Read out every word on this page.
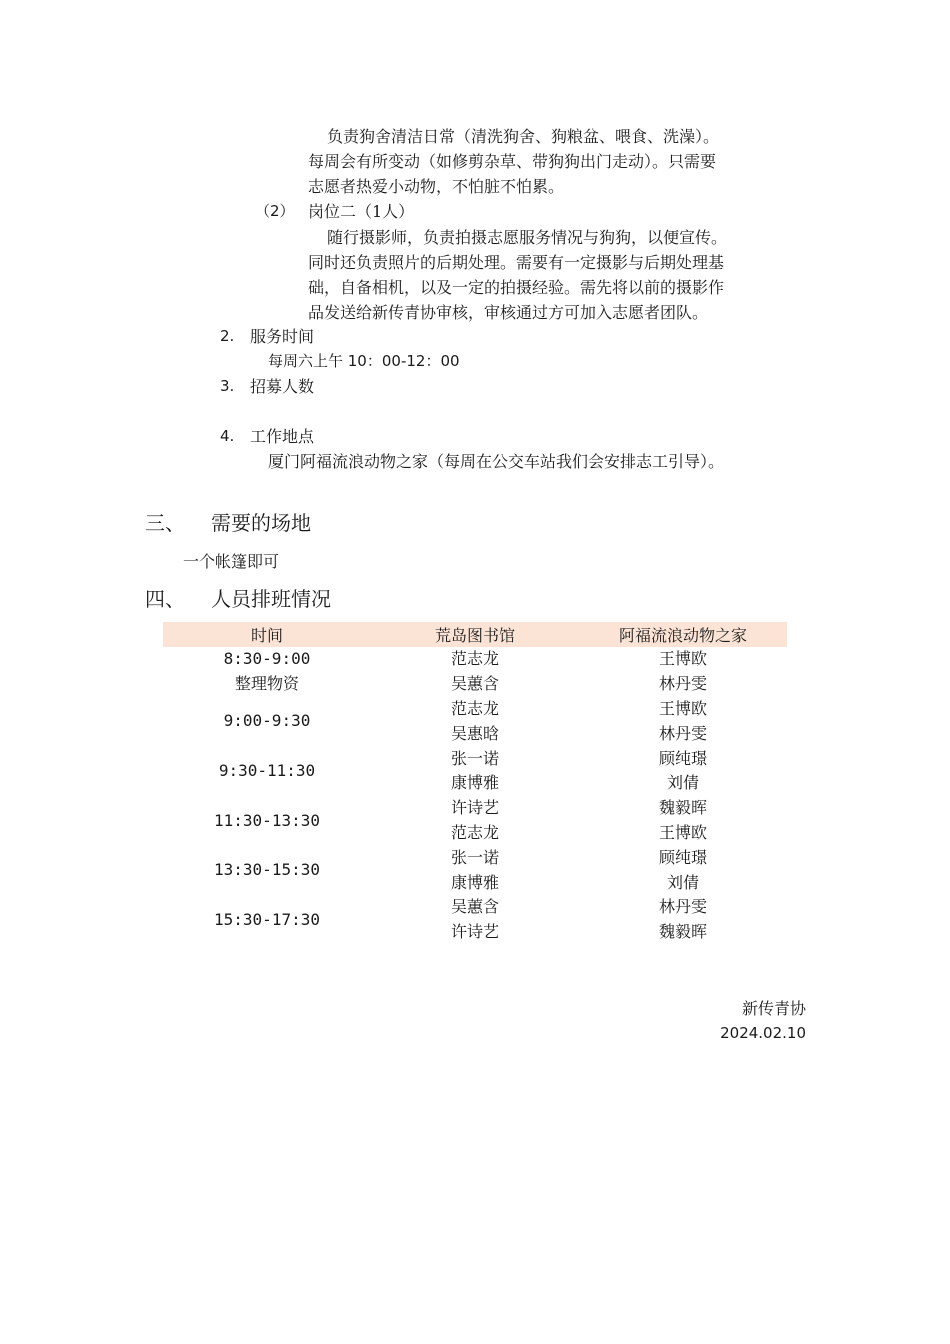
负责狗舍清洁日常（清洗狗舍、狗粮盆、喂食、洗澡）。
每周会有所变动（如修剪杂草、带狗狗出门走动）。只需要
志愿者热爱小动物，不怕脏不怕累。
（2） 岗位二（1人）
随行摄影师，负责拍摄志愿服务情况与狗狗，以便宣传。
同时还负责照片的后期处理。需要有一定摄影与后期处理基
础，自备相机，以及一定的拍摄经验。需先将以前的摄影作
品发送给新传青协审核，审核通过方可加入志愿者团队。
2. 服务时间
每周六上午 10：00-12：00
3. 招募人数
4. 工作地点
厦门阿福流浪动物之家（每周在公交车站我们会安排志工引导）。
三、 需要的场地
一个帐篷即可
四、 人员排班情况
时间	荒岛图书馆	阿福流浪动物之家
8:30-9:00	范志龙	王博欧
整理物资	吴蕙含	林丹雯
9:00-9:30	范志龙	王博欧
	吴惠晗	林丹雯
9:30-11:30	张一诺	顾纯璟
	康博雅	刘倩
11:30-13:30	许诗艺	魏毅晖
	范志龙	王博欧
13:30-15:30	张一诺	顾纯璟
	康博雅	刘倩
15:30-17:30	吴蕙含	林丹雯
	许诗艺	魏毅晖
新传青协
2024.02.10
